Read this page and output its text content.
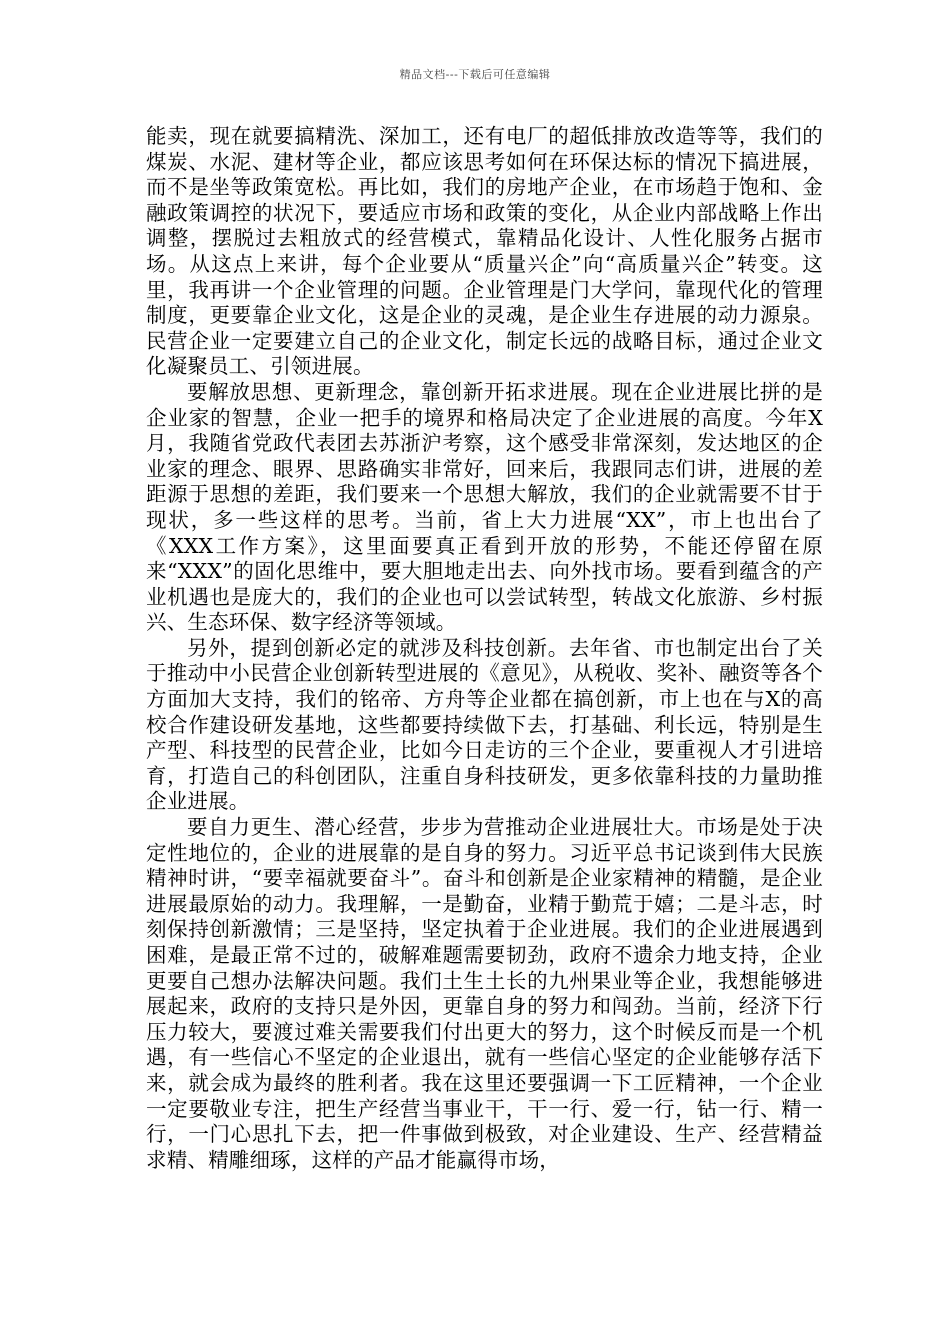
精品文档---下载后可任意编辑

能卖，现在就要搞精洗、深加工，还有电厂的超低排放改造等等，我们的煤炭、水泥、建材等企业，都应该思考如何在环保达标的情况下搞进展，而不是坐等政策宽松。再比如，我们的房地产企业，在市场趋于饱和、金融政策调控的状况下，要适应市场和政策的变化，从企业内部战略上作出调整，摆脱过去粗放式的经营模式，靠精品化设计、人性化服务占据市场。从这点上来讲，每个企业要从“质量兴企”向“高质量兴企”转变。这里，我再讲一个企业管理的问题。企业管理是门大学问，靠现代化的管理制度，更要靠企业文化，这是企业的灵魂，是企业生存进展的动力源泉。民营企业一定要建立自己的企业文化，制定长远的战略目标，通过企业文化凝聚员工、引领进展。

要解放思想、更新理念，靠创新开拓求进展。现在企业进展比拼的是企业家的智慧，企业一把手的境界和格局决定了企业进展的高度。今年X月，我随省党政代表团去苏浙沪考察，这个感受非常深刻，发达地区的企业家的理念、眼界、思路确实非常好，回来后，我跟同志们讲，进展的差距源于思想的差距，我们要来一个思想大解放，我们的企业就需要不甘于现状，多一些这样的思考。当前，省上大力进展“XX”，市上也出台了《XXX工作方案》，这里面要真正看到开放的形势，不能还停留在原来“XXX”的固化思维中，要大胆地走出去、向外找市场。要看到蕴含的产业机遇也是庞大的，我们的企业也可以尝试转型，转战文化旅游、乡村振兴、生态环保、数字经济等领域。

另外，提到创新必定的就涉及科技创新。去年省、市也制定出台了关于推动中小民营企业创新转型进展的《意见》，从税收、奖补、融资等各个方面加大支持，我们的铭帝、方舟等企业都在搞创新，市上也在与X的高校合作建设研发基地，这些都要持续做下去，打基础、利长远，特别是生产型、科技型的民营企业，比如今日走访的三个企业，要重视人才引进培育，打造自己的科创团队，注重自身科技研发，更多依靠科技的力量助推企业进展。

要自力更生、潜心经营，步步为营推动企业进展壮大。市场是处于决定性地位的，企业的进展靠的是自身的努力。习近平总书记谈到伟大民族精神时讲，“要幸福就要奋斗”。奋斗和创新是企业家精神的精髓，是企业进展最原始的动力。我理解，一是勤奋，业精于勤荒于嬉；二是斗志，时刻保持创新激情；三是坚持，坚定执着于企业进展。我们的企业进展遇到困难，是最正常不过的，破解难题需要韧劲，政府不遗余力地支持，企业更要自己想办法解决问题。我们土生土长的九州果业等企业，我想能够进展起来，政府的支持只是外因，更靠自身的努力和闯劲。当前，经济下行压力较大，要渡过难关需要我们付出更大的努力，这个时候反而是一个机遇，有一些信心不坚定的企业退出，就有一些信心坚定的企业能够存活下来，就会成为最终的胜利者。我在这里还要强调一下工匠精神，一个企业一定要敬业专注，把生产经营当事业干，干一行、爱一行，钻一行、精一行，一门心思扎下去，把一件事做到极致，对企业建设、生产、经营精益求精、精雕细琢，这样的产品才能赢得市场，
